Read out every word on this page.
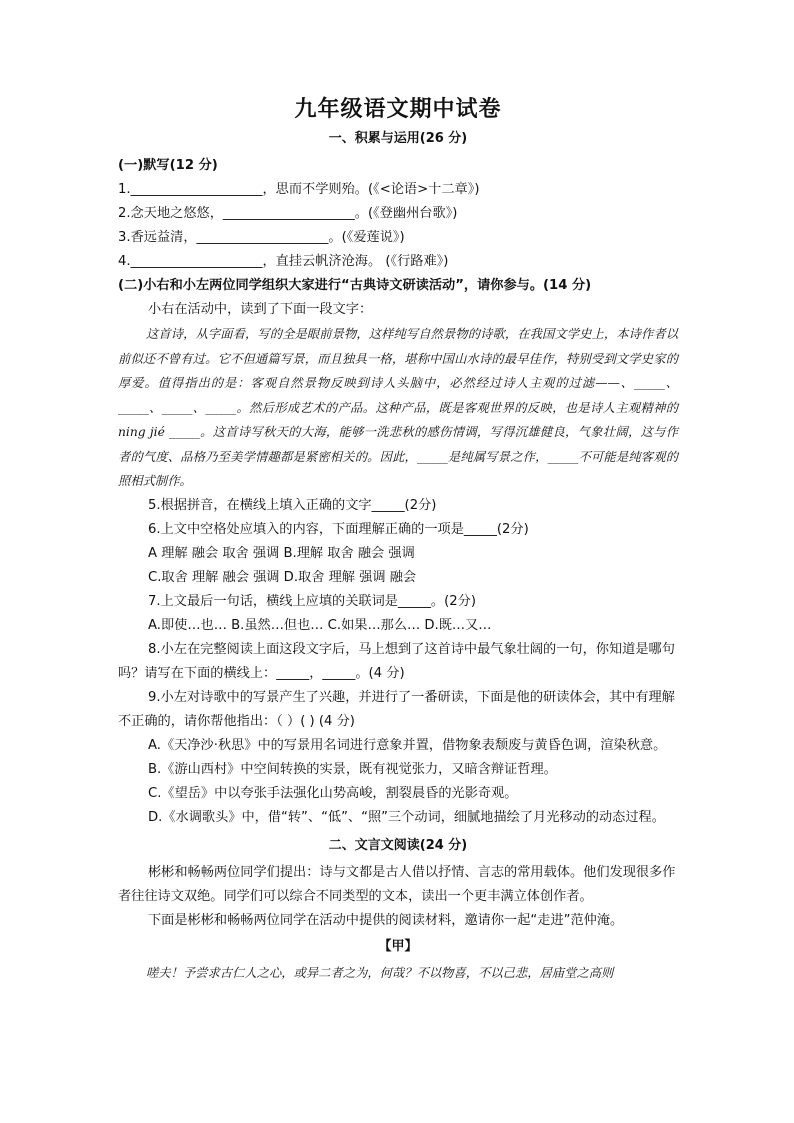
九年级语文期中试卷
一、积累与运用(26 分)

(一)默写(12 分)

1.____________________，思而不学则殆。(《<论语>十二章》)

2.念天地之悠悠，____________________。(《登幽州台歌》)

3.香远益清，____________________。(《爱莲说》)

4.____________________，直挂云帆济沧海。 (《行路难》)

(二)小右和小左两位同学组织大家进行“古典诗文研读活动”，请你参与。(14 分)

小右在活动中，读到了下面一段文字：

这首诗，从字面看，写的全是眼前景物，这样纯写自然景物的诗歌，在我国文学史上，本诗作者以前似还不曾有过。它不但通篇写景，而且独具一格，堪称中国山水诗的最早佳作，特别受到文学史家的厚爱。值得指出的是：客观自然景物反映到诗人头脑中，必然经过诗人主观的过滤——、_____、_____、_____、_____。然后形成艺术的产品。这种产品，既是客观世界的反映，也是诗人主观精神的 ning jié _____。这首诗写秋天的大海，能够一洗悲秋的感伤情调，写得沉雄健良，气象壮阔，这与作者的气度、品格乃至美学情趣都是紧密相关的。因此，_____是纯属写景之作，_____不可能是纯客观的照相式制作。

5.根据拼音，在横线上填入正确的文字_____(2分)

6.上文中空格处应填入的内容，下面理解正确的一项是_____(2分)

A 理解 融会 取舍 强调 B.理解 取舍 融会 强调

C.取舍 理解 融会 强调 D.取舍 理解 强调 融会

7.上文最后一句话，横线上应填的关联词是_____。(2分)

A.即使…也… B.虽然…但也… C.如果…那么… D.既…又…

8.小左在完整阅读上面这段文字后，马上想到了这首诗中最气象壮阔的一句，你知道是哪句吗？请写在下面的横线上：_____，_____。(4 分)

9.小左对诗歌中的写景产生了兴趣，并进行了一番研读，下面是他的研读体会，其中有理解不正确的，请你帮他指出：（ ）( ) (4 分)

A.《天净沙·秋思》中的写景用名词进行意象并置，借物象表颓废与黄昏色调，渲染秋意。

B.《游山西村》中空间转换的实景，既有视觉张力，又暗含辩证哲理。

C.《望岳》中以夸张手法强化山势高峻，割裂晨昏的光影奇观。

D.《水调歌头》中，借“转”、“低”、“照”三个动词，细腻地描绘了月光移动的动态过程。

二、文言文阅读(24 分)

彬彬和畅畅两位同学们提出：诗与文都是古人借以抒情、言志的常用载体。他们发现很多作者往往诗文双绝。同学们可以综合不同类型的文本，读出一个更丰满立体创作者。

下面是彬彬和畅畅两位同学在活动中提供的阅读材料，邀请你一起“走进”范仲淹。

【甲】

嗟夫！予尝求古仁人之心，或异二者之为，何哉？不以物喜，不以己悲，居庙堂之高则
